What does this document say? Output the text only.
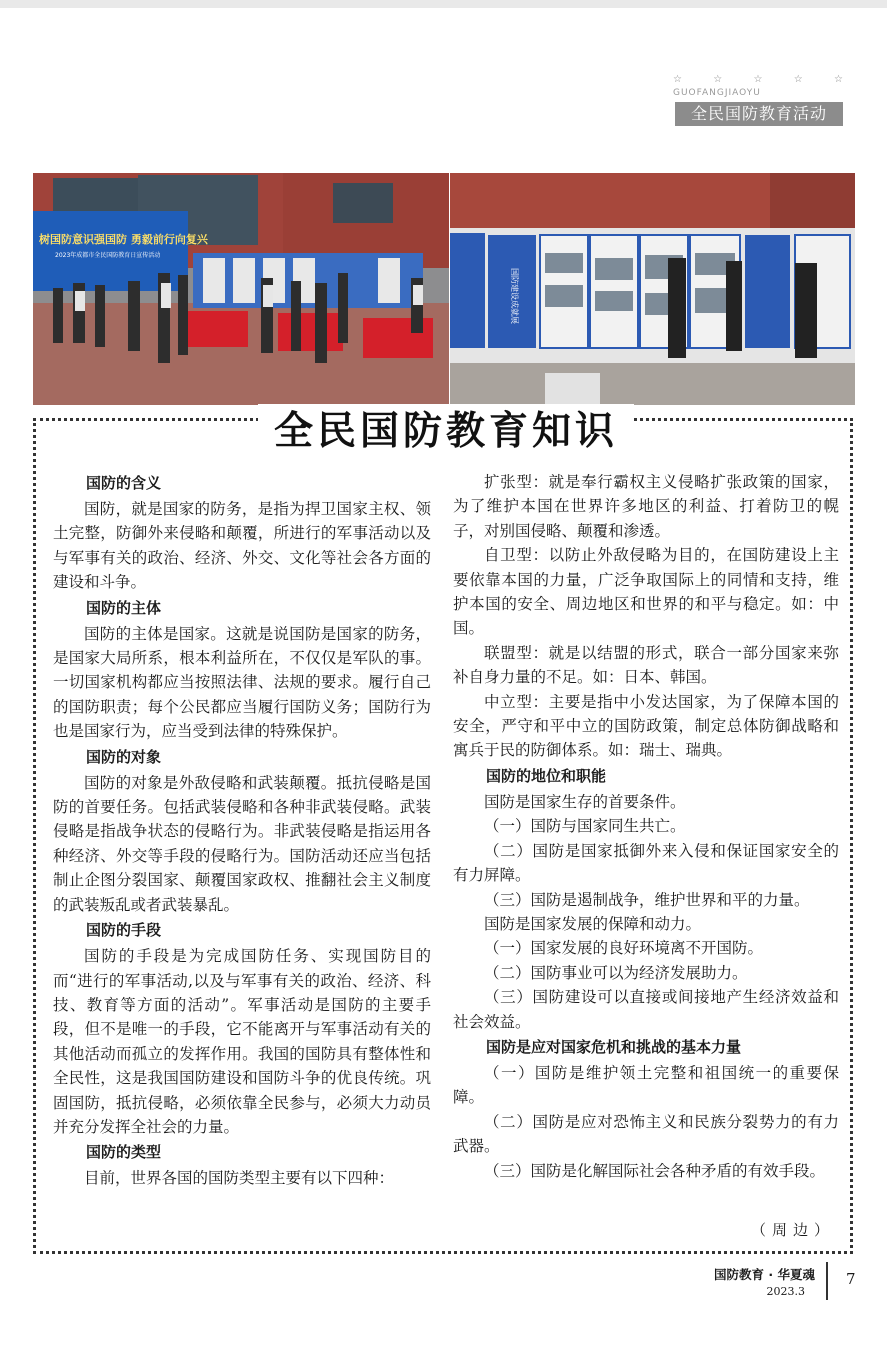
☆	☆	☆	☆	☆
GUOFANGJIAOYU
全民国防教育活动
树国防意识强国防 勇毅前行向复兴
2023年成都市全民国防教育日宣传活动
国防建设成就展
全民国防教育知识
国防的含义

国防，就是国家的防务，是指为捍卫国家主权、领土完整，防御外来侵略和颠覆，所进行的军事活动以及与军事有关的政治、经济、外交、文化等社会各方面的建设和斗争。

国防的主体

国防的主体是国家。这就是说国防是国家的防务，是国家大局所系，根本利益所在，不仅仅是军队的事。一切国家机构都应当按照法律、法规的要求。履行自己的国防职责；每个公民都应当履行国防义务；国防行为也是国家行为，应当受到法律的特殊保护。

国防的对象

国防的对象是外敌侵略和武装颠覆。抵抗侵略是国防的首要任务。包括武装侵略和各种非武装侵略。武装侵略是指战争状态的侵略行为。非武装侵略是指运用各种经济、外交等手段的侵略行为。国防活动还应当包括制止企图分裂国家、颠覆国家政权、推翻社会主义制度的武装叛乱或者武装暴乱。

国防的手段

国防的手段是为完成国防任务、实现国防目的而“进行的军事活动,以及与军事有关的政治、经济、科技、教育等方面的活动”。军事活动是国防的主要手段，但不是唯一的手段，它不能离开与军事活动有关的其他活动而孤立的发挥作用。我国的国防具有整体性和全民性，这是我国国防建设和国防斗争的优良传统。巩固国防，抵抗侵略，必须依靠全民参与，必须大力动员并充分发挥全社会的力量。

国防的类型

目前，世界各国的国防类型主要有以下四种：

扩张型：就是奉行霸权主义侵略扩张政策的国家，为了维护本国在世界许多地区的利益、打着防卫的幌子，对别国侵略、颠覆和渗透。

自卫型：以防止外敌侵略为目的，在国防建设上主要依靠本国的力量，广泛争取国际上的同情和支持，维护本国的安全、周边地区和世界的和平与稳定。如：中国。

联盟型：就是以结盟的形式，联合一部分国家来弥补自身力量的不足。如：日本、韩国。

中立型：主要是指中小发达国家，为了保障本国的安全，严守和平中立的国防政策，制定总体防御战略和寓兵于民的防御体系。如：瑞士、瑞典。

国防的地位和职能

国防是国家生存的首要条件。

（一）国防与国家同生共亡。

（二）国防是国家抵御外来入侵和保证国家安全的有力屏障。

（三）国防是遏制战争，维护世界和平的力量。

国防是国家发展的保障和动力。

（一）国家发展的良好环境离不开国防。

（二）国防事业可以为经济发展助力。

（三）国防建设可以直接或间接地产生经济效益和社会效益。

国防是应对国家危机和挑战的基本力量

（一）国防是维护领土完整和祖国统一的重要保障。

（二）国防是应对恐怖主义和民族分裂势力的有力武器。

（三）国防是化解国际社会各种矛盾的有效手段。

（周边）
国防教育 · 华夏魂
2023.3
7
